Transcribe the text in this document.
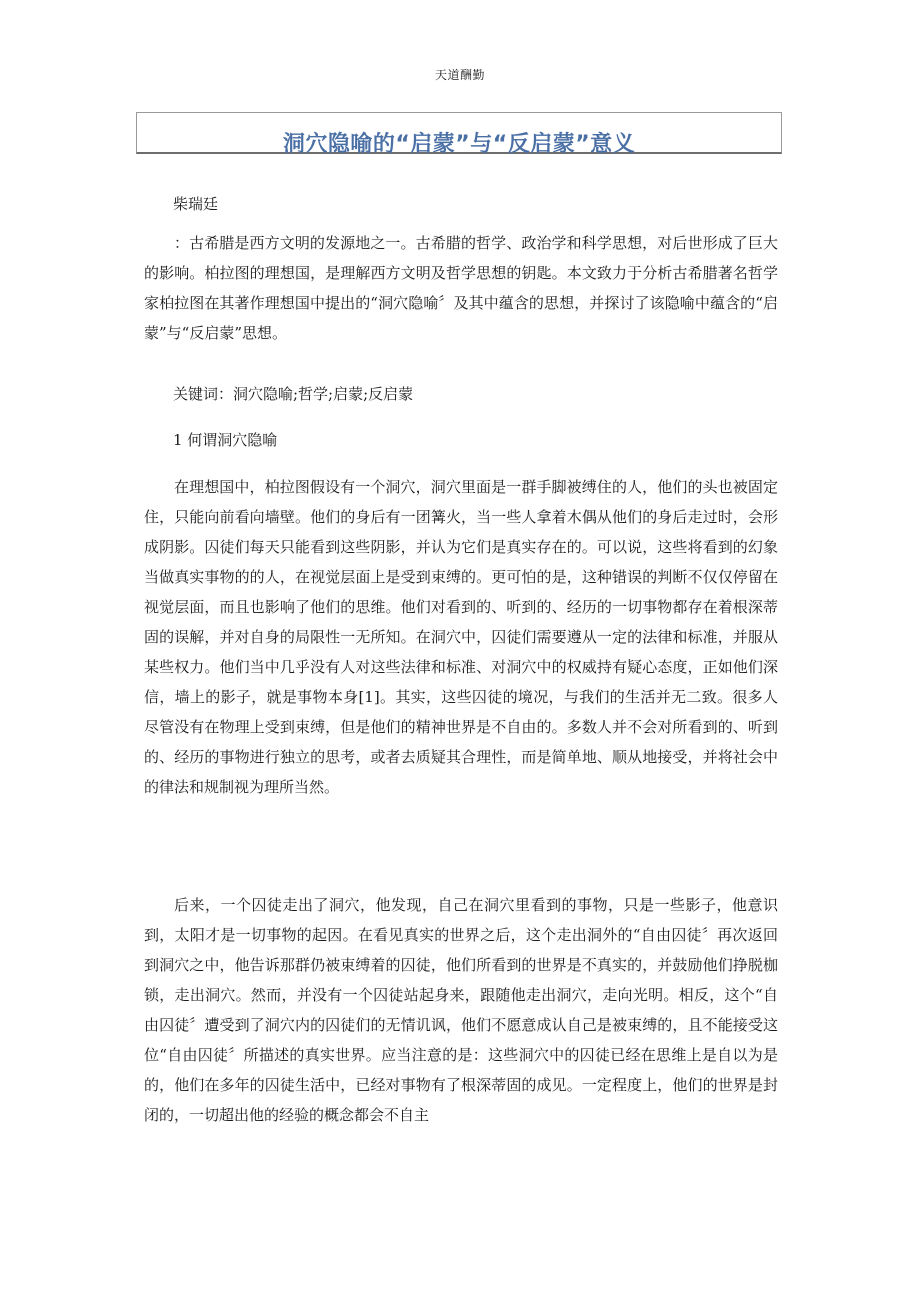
天道酬勤
洞穴隐喻的“启蒙”与“反启蒙”意义
柴瑞廷

：古希腊是西方文明的发源地之一。古希腊的哲学、政治学和科学思想，对后世形成了巨大的影响。柏拉图的理想国，是理解西方文明及哲学思想的钥匙。本文致力于分析古希腊著名哲学家柏拉图在其著作理想国中提出的“洞穴隐喻〞及其中蕴含的思想，并探讨了该隐喻中蕴含的“启蒙”与“反启蒙”思想。

关键词：洞穴隐喻;哲学;启蒙;反启蒙
1 何谓洞穴隐喻

在理想国中，柏拉图假设有一个洞穴，洞穴里面是一群手脚被缚住的人，他们的头也被固定住，只能向前看向墙壁。他们的身后有一团篝火，当一些人拿着木偶从他们的身后走过时，会形成阴影。囚徒们每天只能看到这些阴影，并认为它们是真实存在的。可以说，这些将看到的幻象当做真实事物的的人，在视觉层面上是受到束缚的。更可怕的是，这种错误的判断不仅仅停留在视觉层面，而且也影响了他们的思维。他们对看到的、听到的、经历的一切事物都存在着根深蒂固的误解，并对自身的局限性一无所知。在洞穴中，囚徒们需要遵从一定的法律和标准，并服从某些权力。他们当中几乎没有人对这些法律和标准、对洞穴中的权威持有疑心态度，正如他们深信，墙上的影子，就是事物本身[1]。其实，这些囚徒的境况，与我们的生活并无二致。很多人尽管没有在物理上受到束缚，但是他们的精神世界是不自由的。多数人并不会对所看到的、听到的、经历的事物进行独立的思考，或者去质疑其合理性，而是简单地、顺从地接受，并将社会中的律法和规制视为理所当然。

后来，一个囚徒走出了洞穴，他发现，自己在洞穴里看到的事物，只是一些影子，他意识到，太阳才是一切事物的起因。在看见真实的世界之后，这个走出洞外的“自由囚徒〞再次返回到洞穴之中，他告诉那群仍被束缚着的囚徒，他们所看到的世界是不真实的，并鼓励他们挣脱枷锁，走出洞穴。然而，并没有一个囚徒站起身来，跟随他走出洞穴，走向光明。相反，这个“自由囚徒〞遭受到了洞穴内的囚徒们的无情讥讽，他们不愿意成认自己是被束缚的，且不能接受这位“自由囚徒〞所描述的真实世界。应当注意的是：这些洞穴中的囚徒已经在思维上是自以为是的，他们在多年的囚徒生活中，已经对事物有了根深蒂固的成见。一定程度上，他们的世界是封闭的，一切超出他的经验的概念都会不自主
